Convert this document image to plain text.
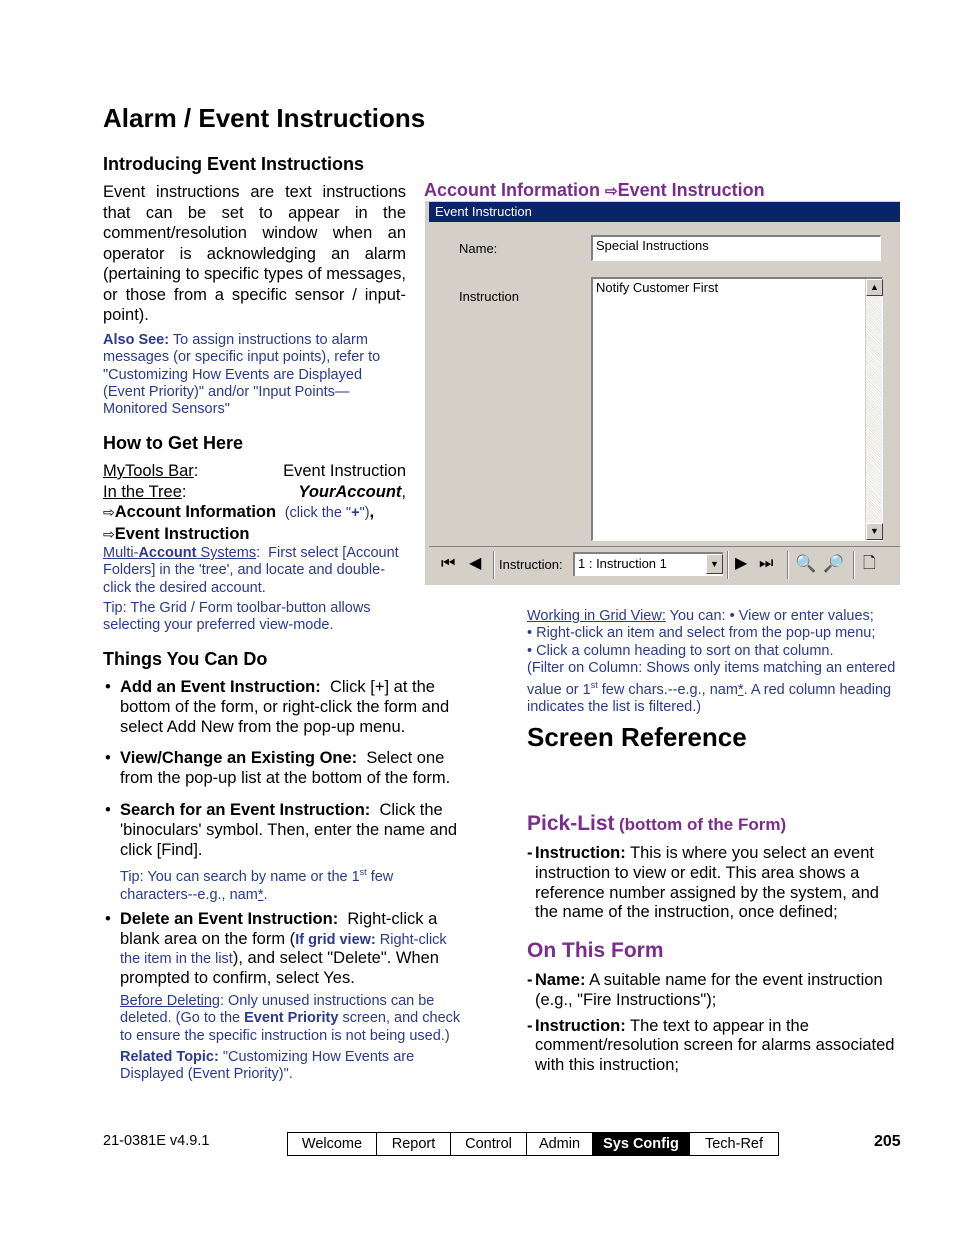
Alarm / Event Instructions
Introducing Event Instructions
Event instructions are text instructions that can be set to appear in the comment/resolution window when an operator is acknowledging an alarm (pertaining to specific types of messages, or those from a specific sensor / input-point).
Also See: To assign instructions to alarm messages (or specific input points), refer to "Customizing How Events are Displayed (Event Priority)" and/or "Input Points—Monitored Sensors"
How to Get Here
MyTools Bar:	Event Instruction
In the Tree:	YourAccount,
⇨Account Information (click the "+"),
⇨Event Instruction
Multi-Account Systems:  First select [Account Folders] in the 'tree', and locate and double-click the desired account.
Tip: The Grid / Form toolbar-button allows selecting your preferred view-mode.
Things You Can Do
• Add an Event Instruction: Click [+] at the bottom of the form, or right-click the form and select Add New from the pop-up menu.
• View/Change an Existing One: Select one from the pop-up list at the bottom of the form.
• Search for an Event Instruction: Click the 'binoculars' symbol. Then, enter the name and click [Find].
Tip: You can search by name or the 1st few characters--e.g., nam*.
• Delete an Event Instruction: Right-click a blank area on the form (If grid view: Right-click the item in the list), and select "Delete". When prompted to confirm, select Yes.
Before Deleting: Only unused instructions can be deleted. (Go to the Event Priority screen, and check to ensure the specific instruction is not being used.)
Related Topic: "Customizing How Events are Displayed (Event Priority)".
Account Information ⇨Event Instruction
Event Instruction
Name:	Special Instructions
Instruction
Notify Customer First	▲
▼
⏮ ◀ Instruction:	1 : Instruction 1	▼ ▶ ⏭ 🔍 🔎 🗋
Working in Grid View: You can: • View or enter values;
• Right-click an item and select from the pop-up menu;
• Click a column heading to sort on that column.
(Filter on Column: Shows only items matching an entered value or 1st few chars.--e.g., nam*. A red column heading indicates the list is filtered.)
Screen Reference
Pick-List (bottom of the Form)
- Instruction: This is where you select an event instruction to view or edit. This area shows a reference number assigned by the system, and the name of the instruction, once defined;
On This Form
- Name: A suitable name for the event instruction (e.g., "Fire Instructions");
- Instruction: The text to appear in the comment/resolution screen for alarms associated with this instruction;
21-0381E v4.9.1	Welcome	Report	Control	Admin	Sys Config	Tech-Ref	205
